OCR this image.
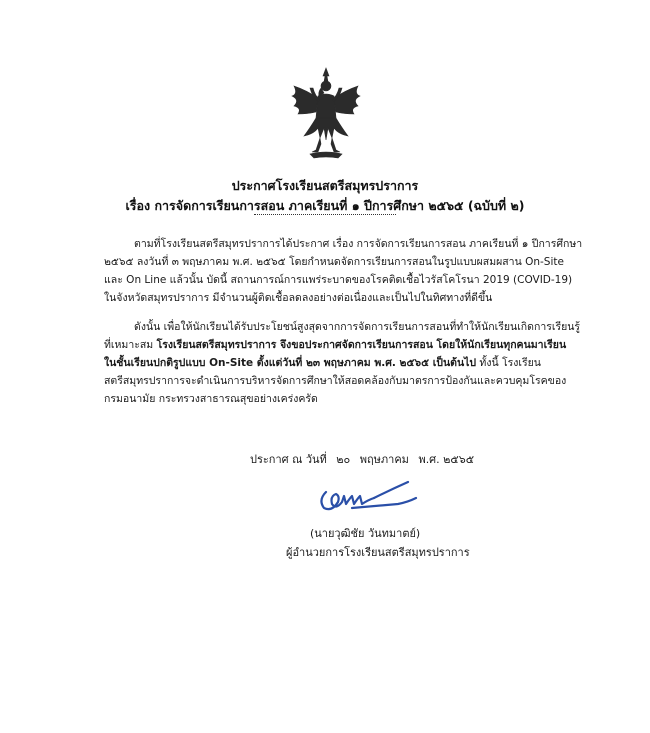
ประกาศโรงเรียนสตรีสมุทรปราการ
เรื่อง การจัดการเรียนการสอน ภาคเรียนที่ ๑ ปีการศึกษา ๒๕๖๕ (ฉบับที่ ๒)
ตามที่โรงเรียนสตรีสมุทรปราการได้ประกาศ เรื่อง การจัดการเรียนการสอน ภาคเรียนที่ ๑ ปีการศึกษา
๒๕๖๕ ลงวันที่ ๓ พฤษภาคม พ.ศ. ๒๕๖๕ โดยกำหนดจัดการเรียนการสอนในรูปแบบผสมผสาน On-Site
และ On Line แล้วนั้น บัดนี้ สถานการณ์การแพร่ระบาดของโรคติดเชื้อไวรัสโคโรนา 2019 (COVID-19)
ในจังหวัดสมุทรปราการ มีจำนวนผู้ติดเชื้อลดลงอย่างต่อเนื่องและเป็นไปในทิศทางที่ดีขึ้น
ดังนั้น เพื่อให้นักเรียนได้รับประโยชน์สูงสุดจากการจัดการเรียนการสอนที่ทำให้นักเรียนเกิดการเรียนรู้
ที่เหมาะสม โรงเรียนสตรีสมุทรปราการ จึงขอประกาศจัดการเรียนการสอน โดยให้นักเรียนทุกคนมาเรียน
ในชั้นเรียนปกติรูปแบบ On-Site ตั้งแต่วันที่ ๒๓ พฤษภาคม พ.ศ. ๒๕๖๕ เป็นต้นไป ทั้งนี้ โรงเรียน
สตรีสมุทรปราการจะดำเนินการบริหารจัดการศึกษาให้สอดคล้องกับมาตรการป้องกันและควบคุมโรคของ
กรมอนามัย กระทรวงสาธารณสุขอย่างเคร่งครัด
ประกาศ ณ วันที่ ๒๐ พฤษภาคม พ.ศ. ๒๕๖๕
(นายวุฒิชัย วันทมาตย์)
ผู้อำนวยการโรงเรียนสตรีสมุทรปราการ
